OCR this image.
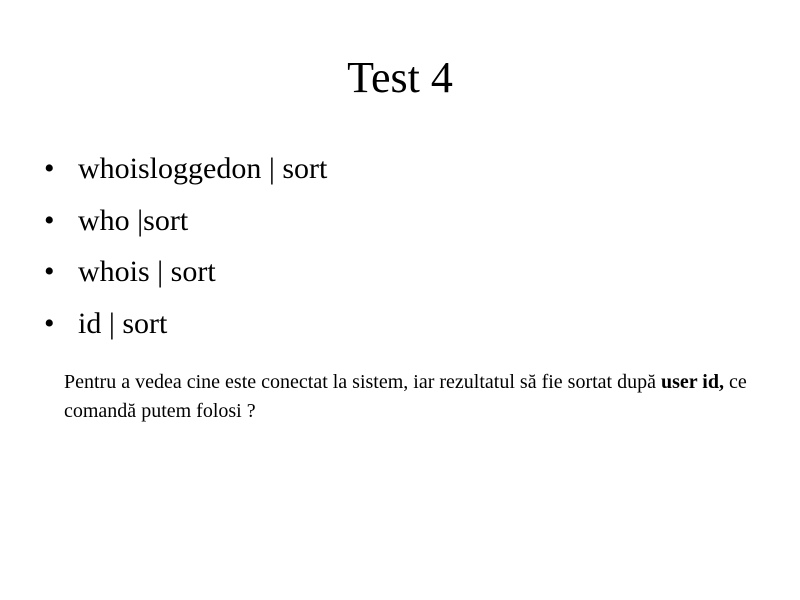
Test 4
• whoisloggedon | sort
• who |sort
• whois | sort
• id | sort

Pentru a vedea cine este conectat la sistem, iar rezultatul să fie sortat după user id, ce comandă putem folosi ?
